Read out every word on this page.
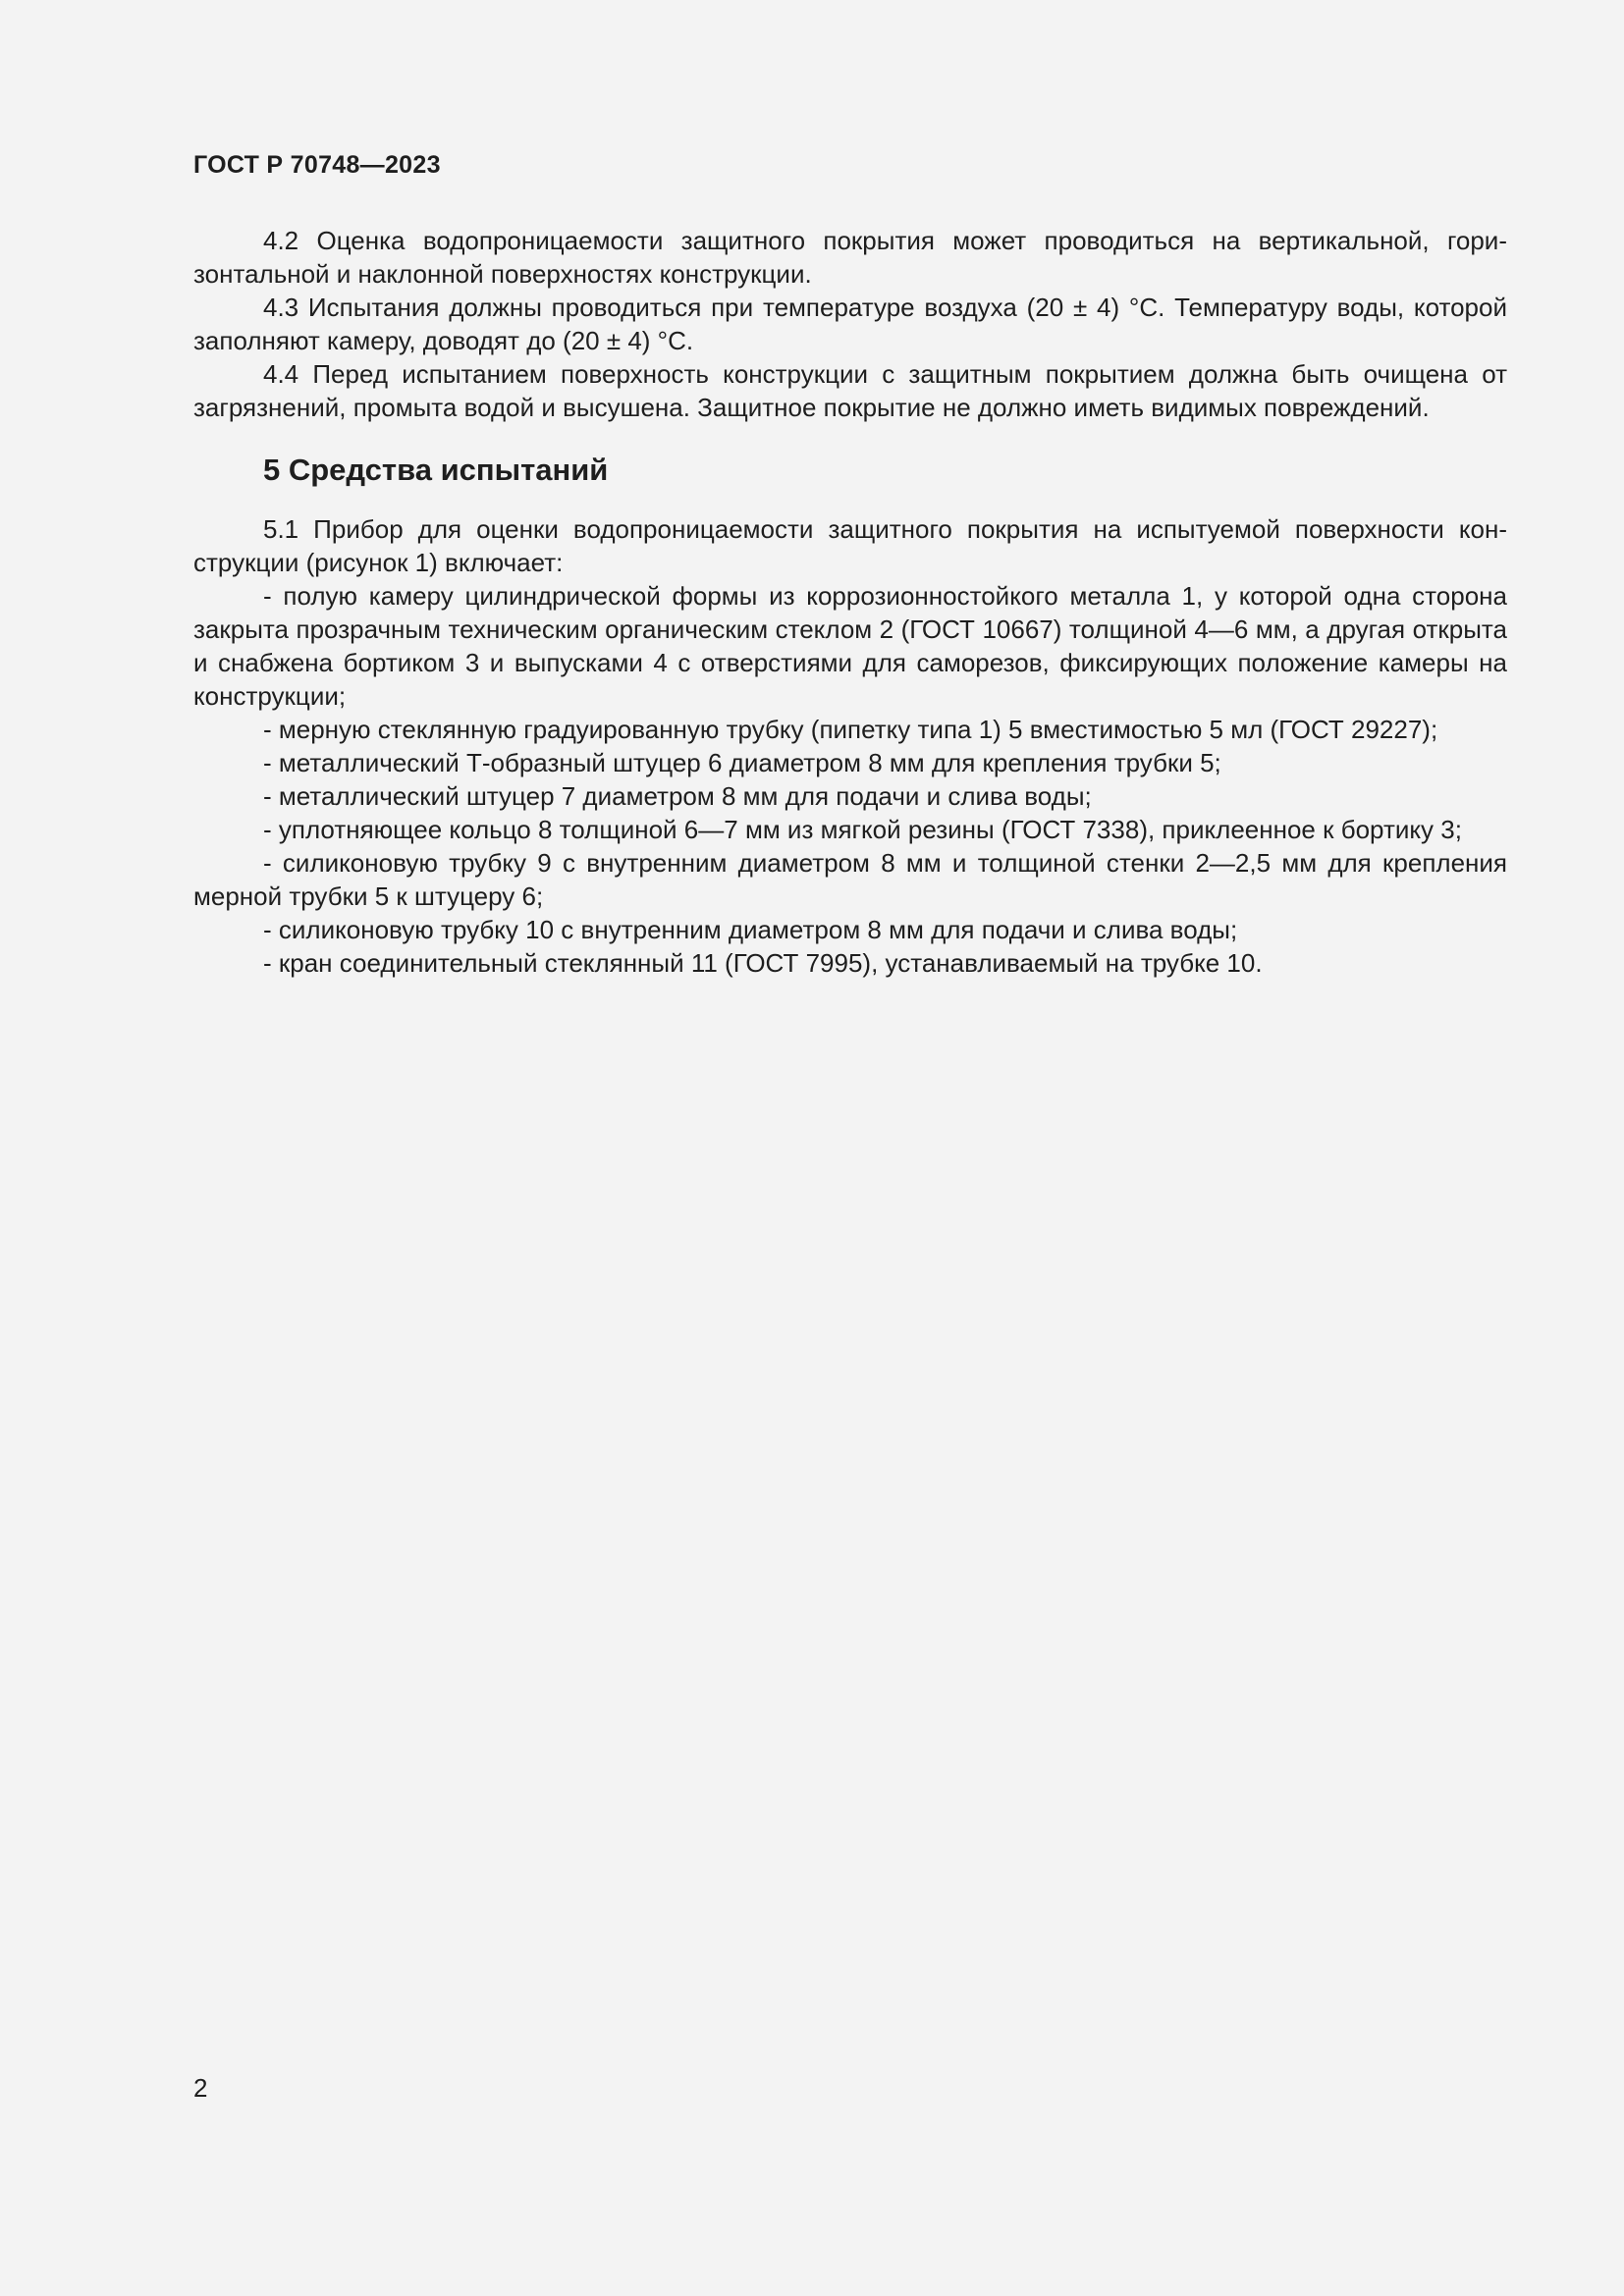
ГОСТ Р 70748—2023

4.2 Оценка водопроницаемости защитного покрытия может проводиться на вертикальной, горизонтальной и наклонной поверхностях конструкции.

4.3 Испытания должны проводиться при температуре воздуха (20 ± 4) °С. Температуру воды, которой заполняют камеру, доводят до (20 ± 4) °С.

4.4 Перед испытанием поверхность конструкции с защитным покрытием должна быть очищена от загрязнений, промыта водой и высушена. Защитное покрытие не должно иметь видимых повреждений.

5 Средства испытаний

5.1 Прибор для оценки водопроницаемости защитного покрытия на испытуемой поверхности конструкции (рисунок 1) включает:

- полую камеру цилиндрической формы из коррозионностойкого металла 1, у которой одна сторона закрыта прозрачным техническим органическим стеклом 2 (ГОСТ 10667) толщиной 4—6 мм, а другая открыта и снабжена бортиком 3 и выпусками 4 с отверстиями для саморезов, фиксирующих положение камеры на конструкции;

- мерную стеклянную градуированную трубку (пипетку типа 1) 5 вместимостью 5 мл (ГОСТ 29227);

- металлический Т-образный штуцер 6 диаметром 8 мм для крепления трубки 5;

- металлический штуцер 7 диаметром 8 мм для подачи и слива воды;

- уплотняющее кольцо 8 толщиной 6—7 мм из мягкой резины (ГОСТ 7338), приклеенное к бортику 3;

- силиконовую трубку 9 с внутренним диаметром 8 мм и толщиной стенки 2—2,5 мм для крепления мерной трубки 5 к штуцеру 6;

- силиконовую трубку 10 с внутренним диаметром 8 мм для подачи и слива воды;

- кран соединительный стеклянный 11 (ГОСТ 7995), устанавливаемый на трубке 10.

2
